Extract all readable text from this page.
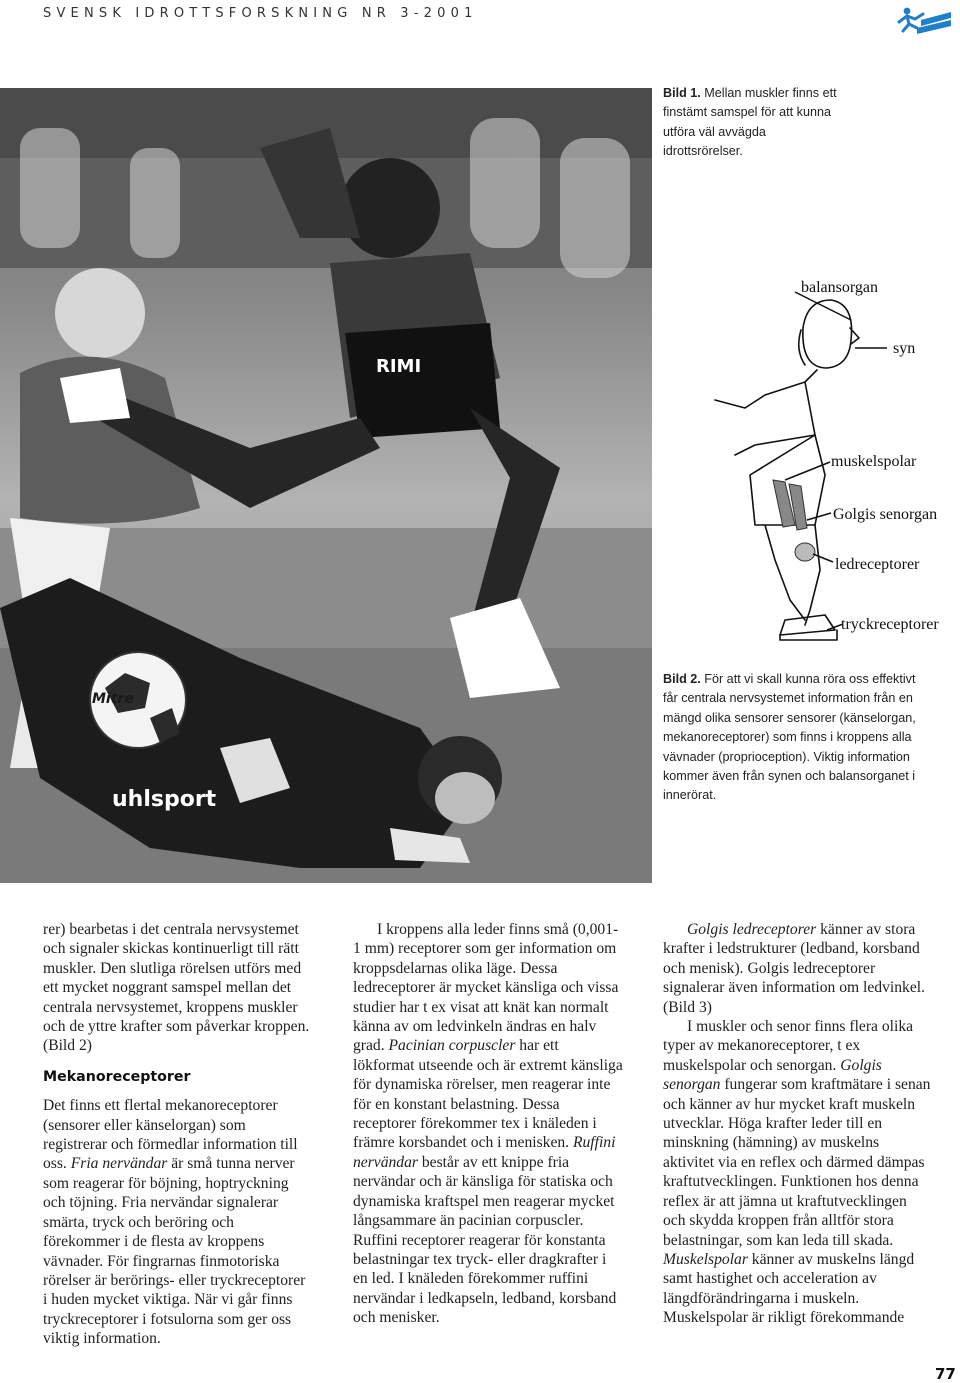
SVENSK IDROTTSFORSKNING NR 3-2001
RIMI
uhlsport
Mitre
Bild 1. Mellan muskler finns ett finstämt samspel för att kunna utföra väl avvägda idrottsrörelser.
balansorgan
syn
muskelspolar
Golgis senorgan
ledreceptorer
tryckreceptorer
Bild 2. För att vi skall kunna röra oss effektivt får centrala nervsystemet information från en mängd olika sensorer sensorer (känselorgan, mekanoreceptorer) som finns i kroppens alla vävnader (proprioception). Viktig information kommer även från synen och balansorganet i innerörat.

rer) bearbetas i det centrala nervsystemet och signaler skickas kontinuerligt till rätt muskler. Den slutliga rörelsen utförs med ett mycket noggrant samspel mellan det centrala nervsystemet, kroppens muskler och de yttre krafter som påverkar kroppen. (Bild 2)

Mekanoreceptorer

Det finns ett flertal mekanoreceptorer (sensorer eller känselorgan) som registrerar och förmedlar information till oss. Fria nervändar är små tunna nerver som reagerar för böjning, hoptryckning och töjning. Fria nervändar signalerar smärta, tryck och beröring och förekommer i de flesta av kroppens vävnader. För fingrarnas finmotoriska rörelser är berörings- eller tryckreceptorer i huden mycket viktiga. När vi går finns tryckreceptorer i fotsulorna som ger oss viktig information.

I kroppens alla leder finns små (0,001-1 mm) receptorer som ger information om kroppsdelarnas olika läge. Dessa ledreceptorer är mycket känsliga och vissa studier har t ex visat att knät kan normalt känna av om ledvinkeln ändras en halv grad. Pacinian corpuscler har ett lökformat utseende och är extremt känsliga för dynamiska rörelser, men reagerar inte för en konstant belastning. Dessa receptorer förekommer tex i knäleden i främre korsbandet och i menisken. Ruffini nervändar består av ett knippe fria nervändar och är känsliga för statiska och dynamiska kraftspel men reagerar mycket långsammare än pacinian corpuscler. Ruffini receptorer reagerar för konstanta belastningar tex tryck- eller dragkrafter i en led. I knäleden förekommer ruffini nervändar i ledkapseln, ledband, korsband och menisker.

Golgis ledreceptorer känner av stora krafter i ledstrukturer (ledband, korsband och menisk). Golgis ledreceptorer signalerar även information om ledvinkel. (Bild 3)

I muskler och senor finns flera olika typer av mekanoreceptorer, t ex muskelspolar och senorgan. Golgis senorgan fungerar som kraftmätare i senan och känner av hur mycket kraft muskeln utvecklar. Höga krafter leder till en minskning (hämning) av muskelns aktivitet via en reflex och därmed dämpas kraftutvecklingen. Funktionen hos denna reflex är att jämna ut kraftutvecklingen och skydda kroppen från alltför stora belastningar, som kan leda till skada. Muskelspolar känner av muskelns längd samt hastighet och acceleration av längdförändringarna i muskeln. Muskelspolar är rikligt förekommande

77
